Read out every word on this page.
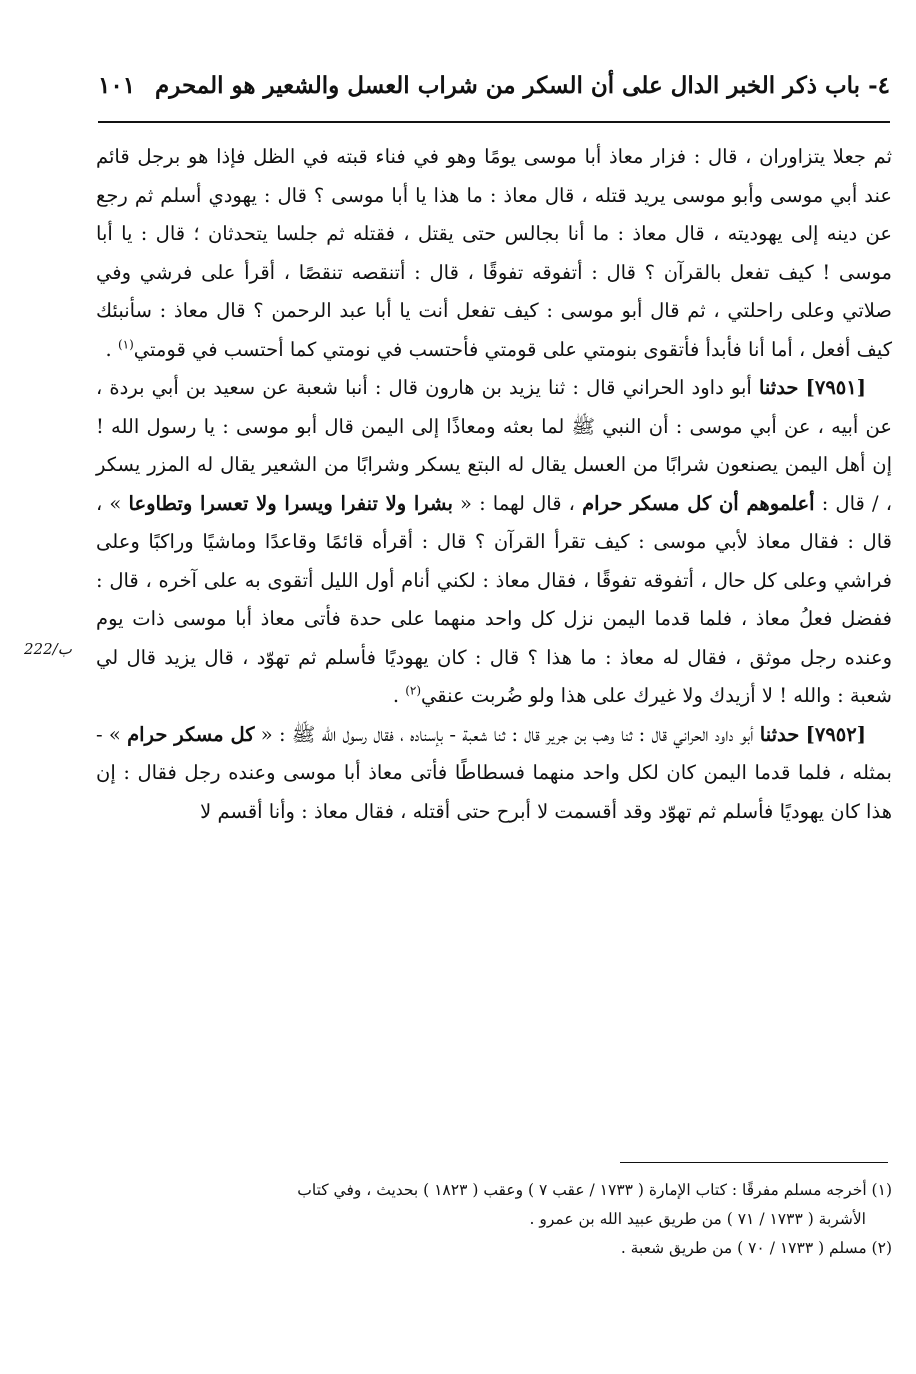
٤- باب ذكر الخبر الدال على أن السكر من شراب العسل والشعير هو المحرم
١٠١
222/ب

ثم جعلا يتزاوران ، قال : فزار معاذ أبا موسى يومًا وهو في فناء قبته في الظل فإذا هو برجل قائم عند أبي موسى وأبو موسى يريد قتله ، قال معاذ : ما هذا يا أبا موسى ؟ قال : يهودي أسلم ثم رجع عن دينه إلى يهوديته ، قال معاذ : ما أنا بجالس حتى يقتل ، فقتله ثم جلسا يتحدثان ؛ قال : يا أبا موسى ! كيف تفعل بالقرآن ؟ قال : أتفوقه تفوقًا ، قال : أتنقصه تنقصًا ، أقرأ على فرشي وفي صلاتي وعلى راحلتي ، ثم قال أبو موسى : كيف تفعل أنت يا أبا عبد الرحمن ؟ قال معاذ : سأنبئك كيف أفعل ، أما أنا فأبدأ فأتقوى بنومتي على قومتي فأحتسب في نومتي كما أحتسب في قومتي$^{(١)}$ .

[٧٩٥١] حدثنا أبو داود الحراني قال : ثنا يزيد بن هارون قال : أنبا شعبة عن سعيد بن أبي بردة ، عن أبيه ، عن أبي موسى : أن النبي ﷺ لما بعثه ومعاذًا إلى اليمن قال أبو موسى : يا رسول الله ! إن أهل اليمن يصنعون شرابًا من العسل يقال له البتع يسكر وشرابًا من الشعير يقال له المزر يسكر ، / قال : أعلموهم أن كل مسكر حرام ، قال لهما : « بشرا ولا تنفرا ويسرا ولا تعسرا وتطاوعا » ، قال : فقال معاذ لأبي موسى : كيف تقرأ القرآن ؟ قال : أقرأه قائمًا وقاعدًا وماشيًا وراكبًا وعلى فراشي وعلى كل حال ، أتفوقه تفوقًا ، فقال معاذ : لكني أنام أول الليل أتقوى به على آخره ، قال : ففضل فعلُ معاذ ، فلما قدما اليمن نزل كل واحد منهما على حدة فأتى معاذ أبا موسى ذات يوم وعنده رجل موثق ، فقال له معاذ : ما هذا ؟ قال : كان يهوديًا فأسلم ثم تهوّد ، قال يزيد قال لي شعبة : والله ! لا أزيدك ولا غيرك على هذا ولو ضُربت عنقي$^{(٢)}$ .

[٧٩٥٢] حدثنا أبو داود الحراني قال : ثنا وهب بن جرير قال : ثنا شعبة - بإسناده ، فقال رسول الله ﷺ : « كل مسكر حرام » - بمثله ، فلما قدما اليمن كان لكل واحد منهما فسطاطًا فأتى معاذ أبا موسى وعنده رجل فقال : إن هذا كان يهوديًا فأسلم ثم تهوّد وقد أقسمت لا أبرح حتى أقتله ، فقال معاذ : وأنا أقسم لا

(١) أخرجه مسلم مفرقًا : كتاب الإمارة ( ١٧٣٣ / عقب ٧ ) وعقب ( ١٨٢٣ ) بحديث ، وفي كتاب

الأشربة ( ١٧٣٣ / ٧١ ) من طريق عبيد الله بن عمرو .

(٢) مسلم ( ١٧٣٣ / ٧٠ ) من طريق شعبة .
